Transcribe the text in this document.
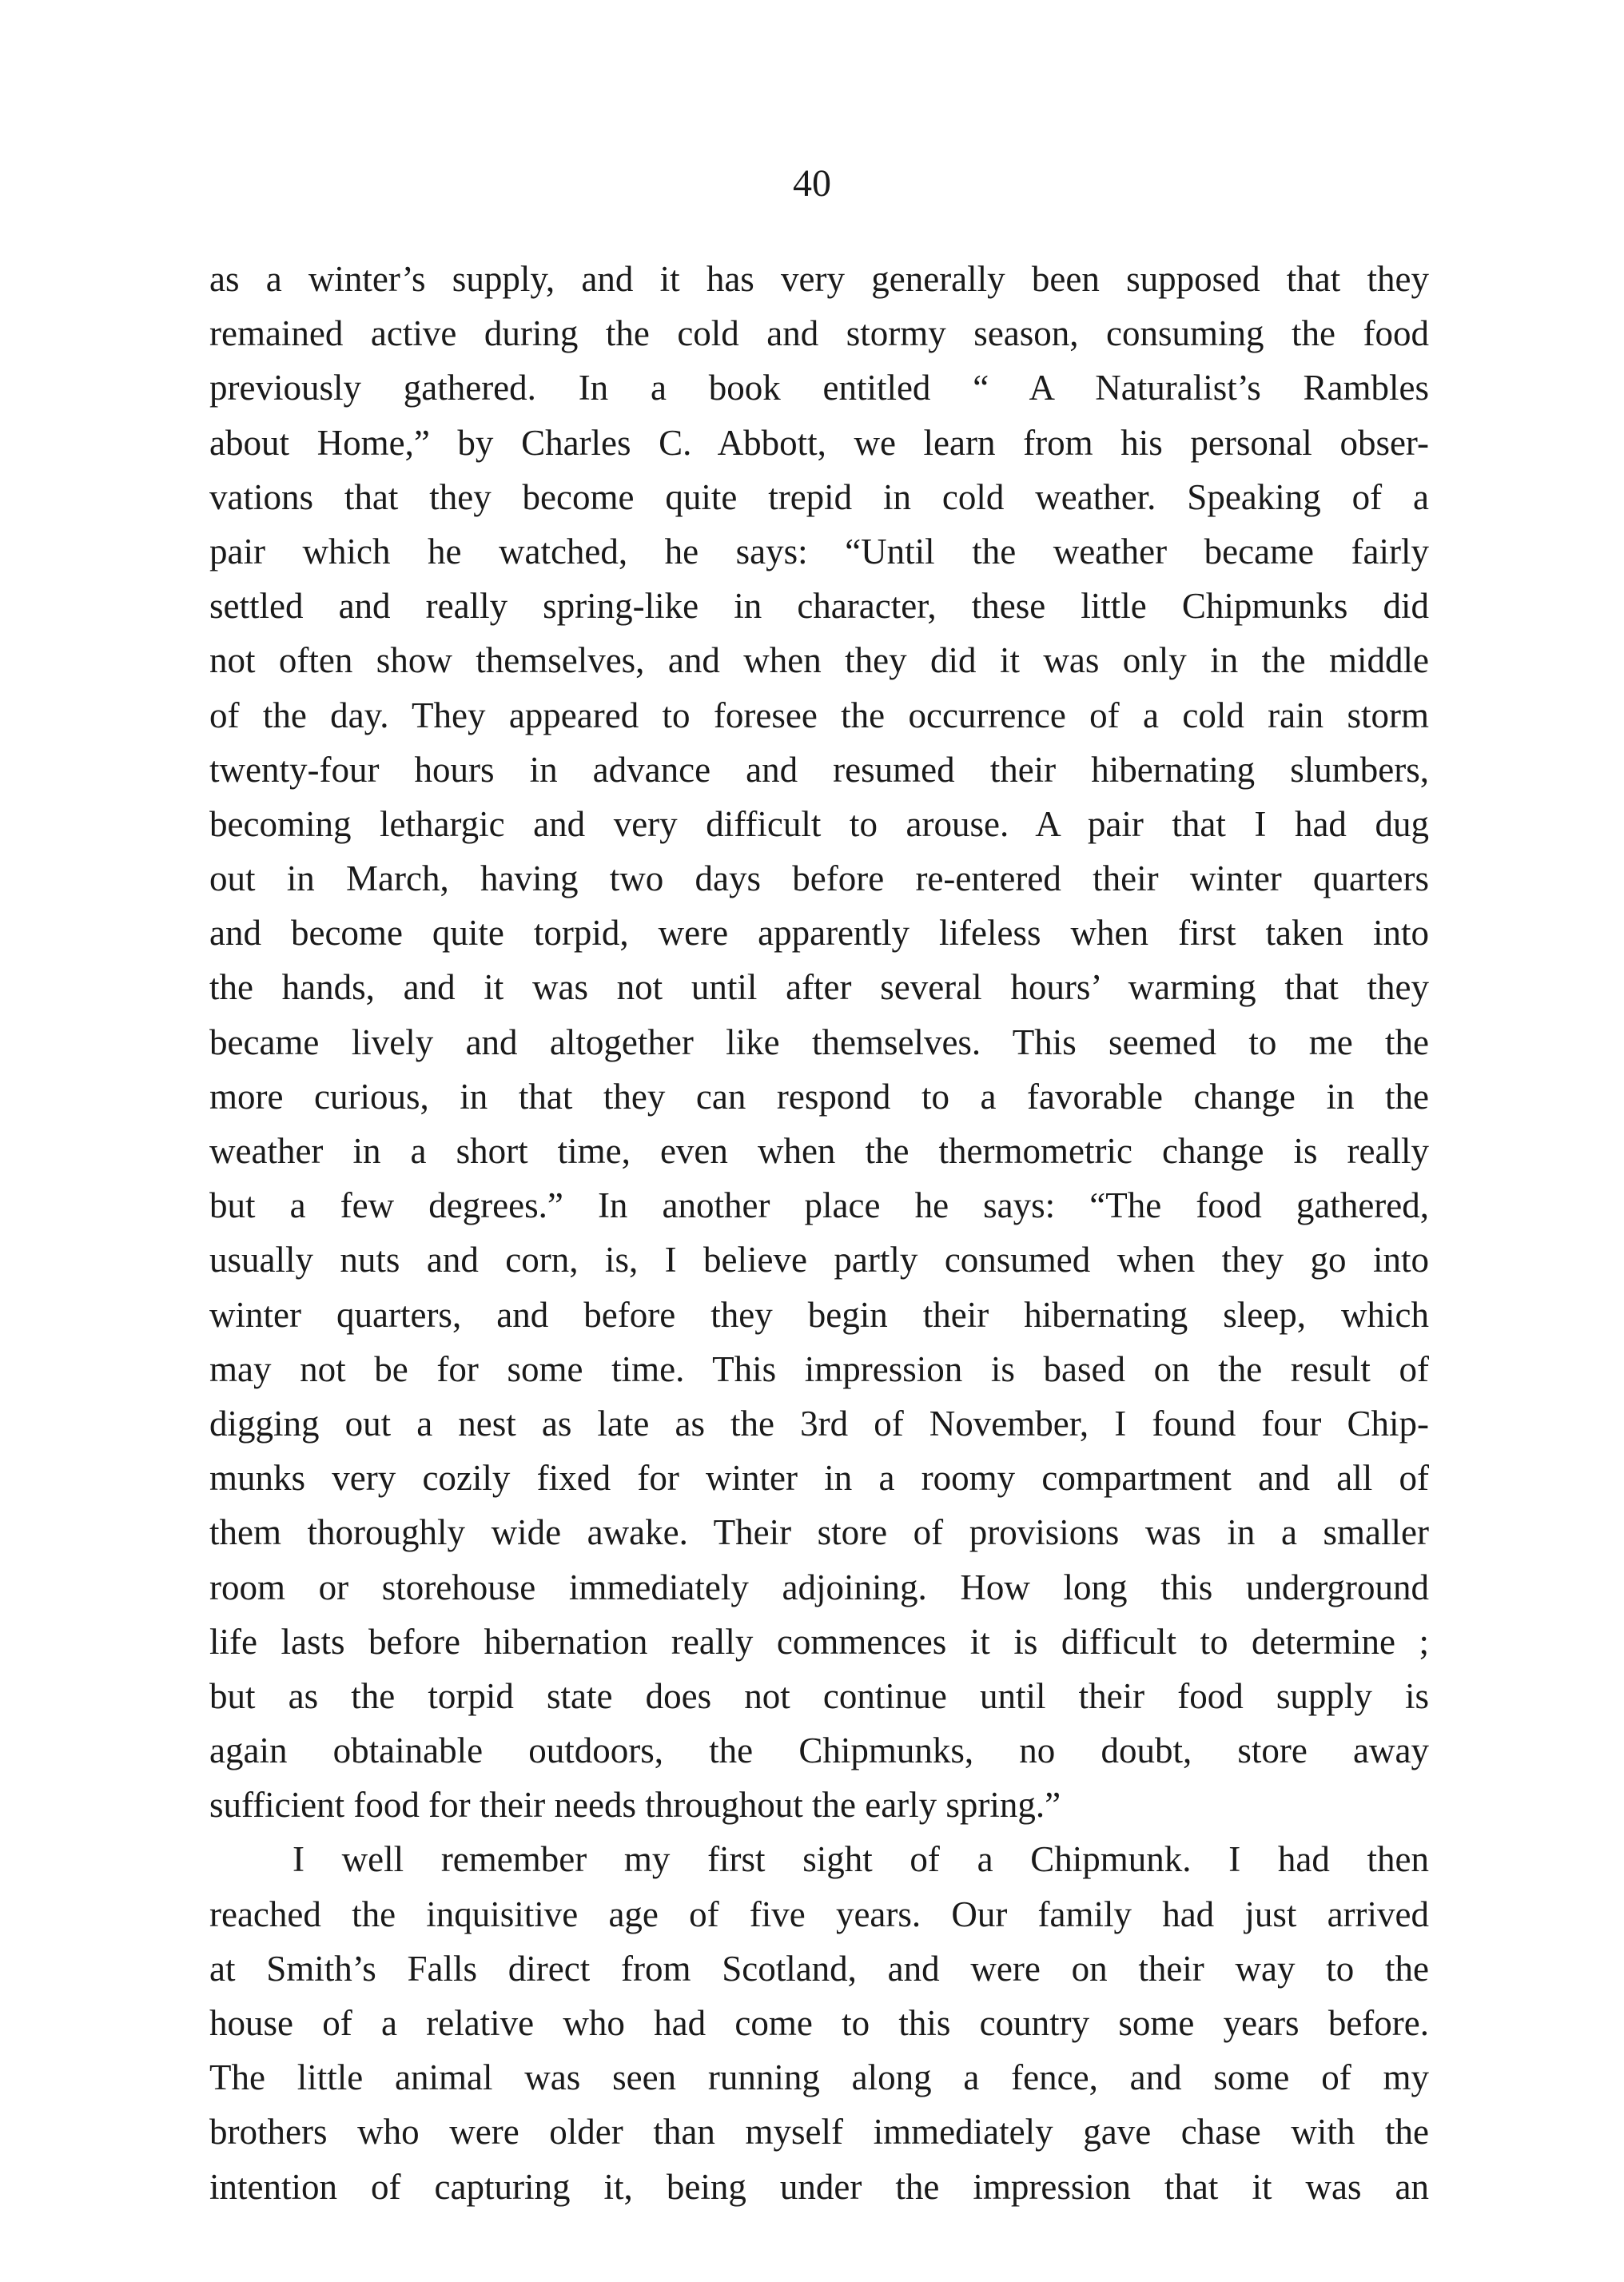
40
as a winter’s supply, and it has very generally been supposed that they
remained active during the cold and stormy season, consuming the food
previously gathered. In a book entitled “ A Naturalist’s Rambles
about Home,” by Charles C. Abbott, we learn from his personal obser-
vations that they become quite trepid in cold weather. Speaking of a
pair which he watched, he says: “Until the weather became fairly
settled and really spring-like in character, these little Chipmunks did
not often show themselves, and when they did it was only in the middle
of the day. They appeared to foresee the occurrence of a cold rain storm
twenty-four hours in advance and resumed their hibernating slumbers,
becoming lethargic and very difficult to arouse. A pair that I had dug
out in March, having two days before re-entered their winter quarters
and become quite torpid, were apparently lifeless when first taken into
the hands, and it was not until after several hours’ warming that they
became lively and altogether like themselves. This seemed to me the
more curious, in that they can respond to a favorable change in the
weather in a short time, even when the thermometric change is really
but a few degrees.” In another place he says: “The food gathered,
usually nuts and corn, is, I believe partly consumed when they go into
winter quarters, and before they begin their hibernating sleep, which
may not be for some time. This impression is based on the result of
digging out a nest as late as the 3rd of November, I found four Chip-
munks very cozily fixed for winter in a roomy compartment and all of
them thoroughly wide awake. Their store of provisions was in a smaller
room or storehouse immediately adjoining. How long this underground
life lasts before hibernation really commences it is difficult to determine ;
but as the torpid state does not continue until their food supply is
again obtainable outdoors, the Chipmunks, no doubt, store away
sufficient food for their needs throughout the early spring.”
I well remember my first sight of a Chipmunk. I had then
reached the inquisitive age of five years. Our family had just arrived
at Smith’s Falls direct from Scotland, and were on their way to the
house of a relative who had come to this country some years before.
The little animal was seen running along a fence, and some of my
brothers who were older than myself immediately gave chase with the
intention of capturing it, being under the impression that it was an
